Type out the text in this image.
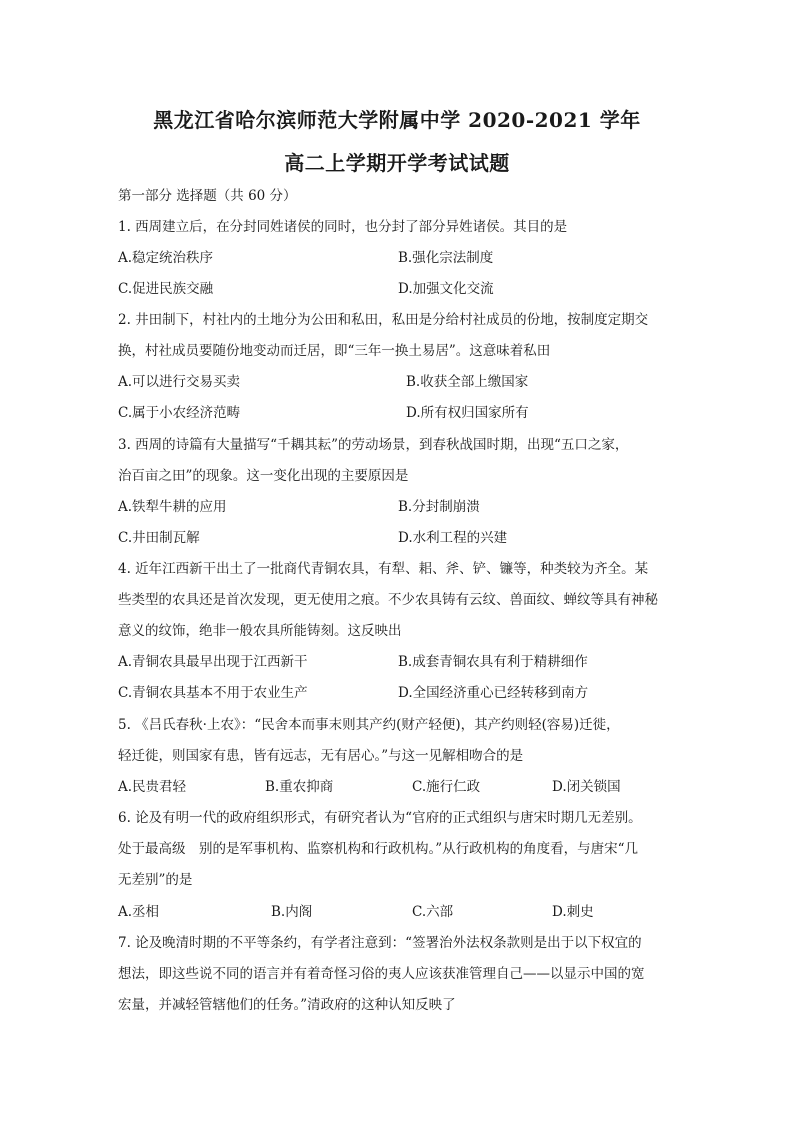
黑龙江省哈尔滨师范大学附属中学 2020-2021 学年
高二上学期开学考试试题
第一部分 选择题（共 60 分）
1. 西周建立后，在分封同姓诸侯的同时，也分封了部分异姓诸侯。其目的是
A.稳定统治秩序	B.强化宗法制度
C.促进民族交融	D.加强文化交流
2. 井田制下，村社内的土地分为公田和私田，私田是分给村社成员的份地，按制度定期交
换，村社成员要随份地变动而迁居，即“三年一换土易居”。这意味着私田
A.可以进行交易买卖	B.收获全部上缴国家
C.属于小农经济范畴	D.所有权归国家所有
3. 西周的诗篇有大量描写“千耦其耘”的劳动场景，到春秋战国时期，出现“五口之家，
治百亩之田”的现象。这一变化出现的主要原因是
A.铁犁牛耕的应用	B.分封制崩溃
C.井田制瓦解	D.水利工程的兴建
4. 近年江西新干出土了一批商代青铜农具，有犁、耜、斧、铲、镰等，种类较为齐全。某
些类型的农具还是首次发现，更无使用之痕。不少农具铸有云纹、兽面纹、蝉纹等具有神秘
意义的纹饰，绝非一般农具所能铸刻。这反映出
A.青铜农具最早出现于江西新干	B.成套青铜农具有利于精耕细作
C.青铜农具基本不用于农业生产	D.全国经济重心已经转移到南方
5. 《吕氏春秋·上农》：“民舍本而事末则其产约(财产轻便)，其产约则轻(容易)迁徙，
轻迁徙，则国家有患，皆有远志，无有居心。”与这一见解相吻合的是
A.民贵君轻	B.重农抑商	C.施行仁政	D.闭关锁国
6. 论及有明一代的政府组织形式，有研究者认为“官府的正式组织与唐宋时期几无差别。
处于最高级　别的是军事机构、监察机构和行政机构。”从行政机构的角度看，与唐宋“几
无差别”的是
A.丞相	B.内阁	C.六部	D.刺史
7. 论及晚清时期的不平等条约，有学者注意到：“签署治外法权条款则是出于以下权宜的
想法，即这些说不同的语言并有着奇怪习俗的夷人应该获准管理自己——以显示中国的宽
宏量，并减轻管辖他们的任务。”清政府的这种认知反映了
